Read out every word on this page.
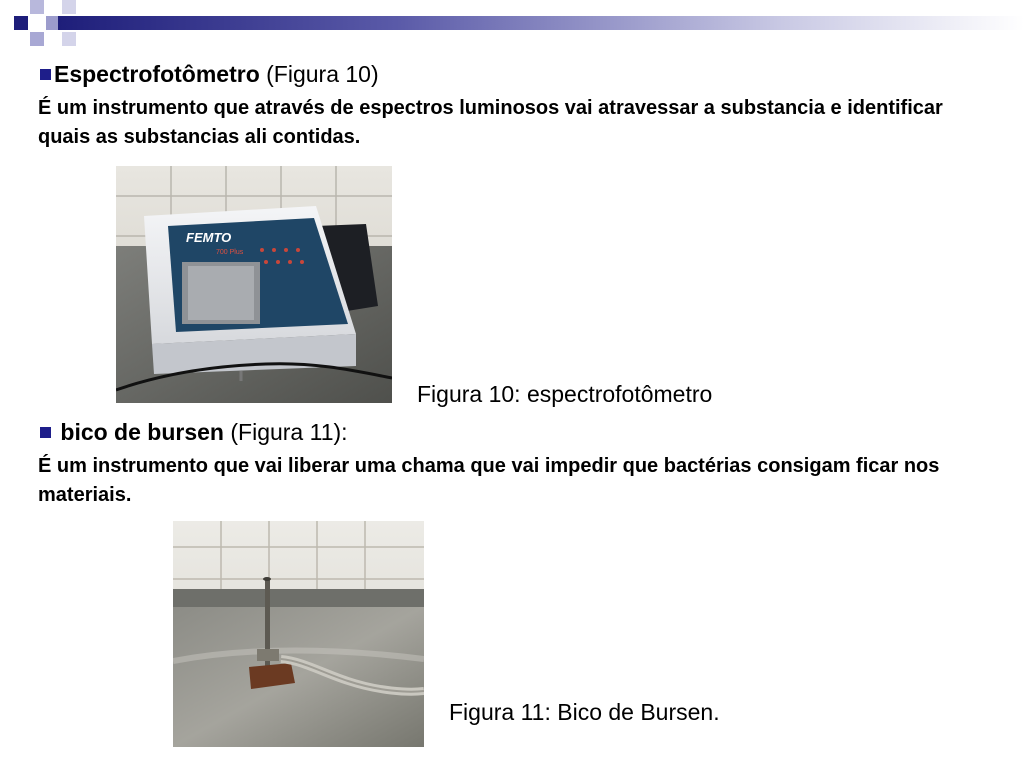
Espectrofotômetro (Figura 10)
É um instrumento que através de espectros luminosos vai atravessar a substancia e identificar quais as substancias ali contidas.
FEMTO
700 Plus
Figura 10: espectrofotômetro
bico de bursen (Figura 11):
É um instrumento que vai liberar uma chama que vai impedir que bactérias consigam ficar nos materiais.
Figura 11: Bico de Bursen.
